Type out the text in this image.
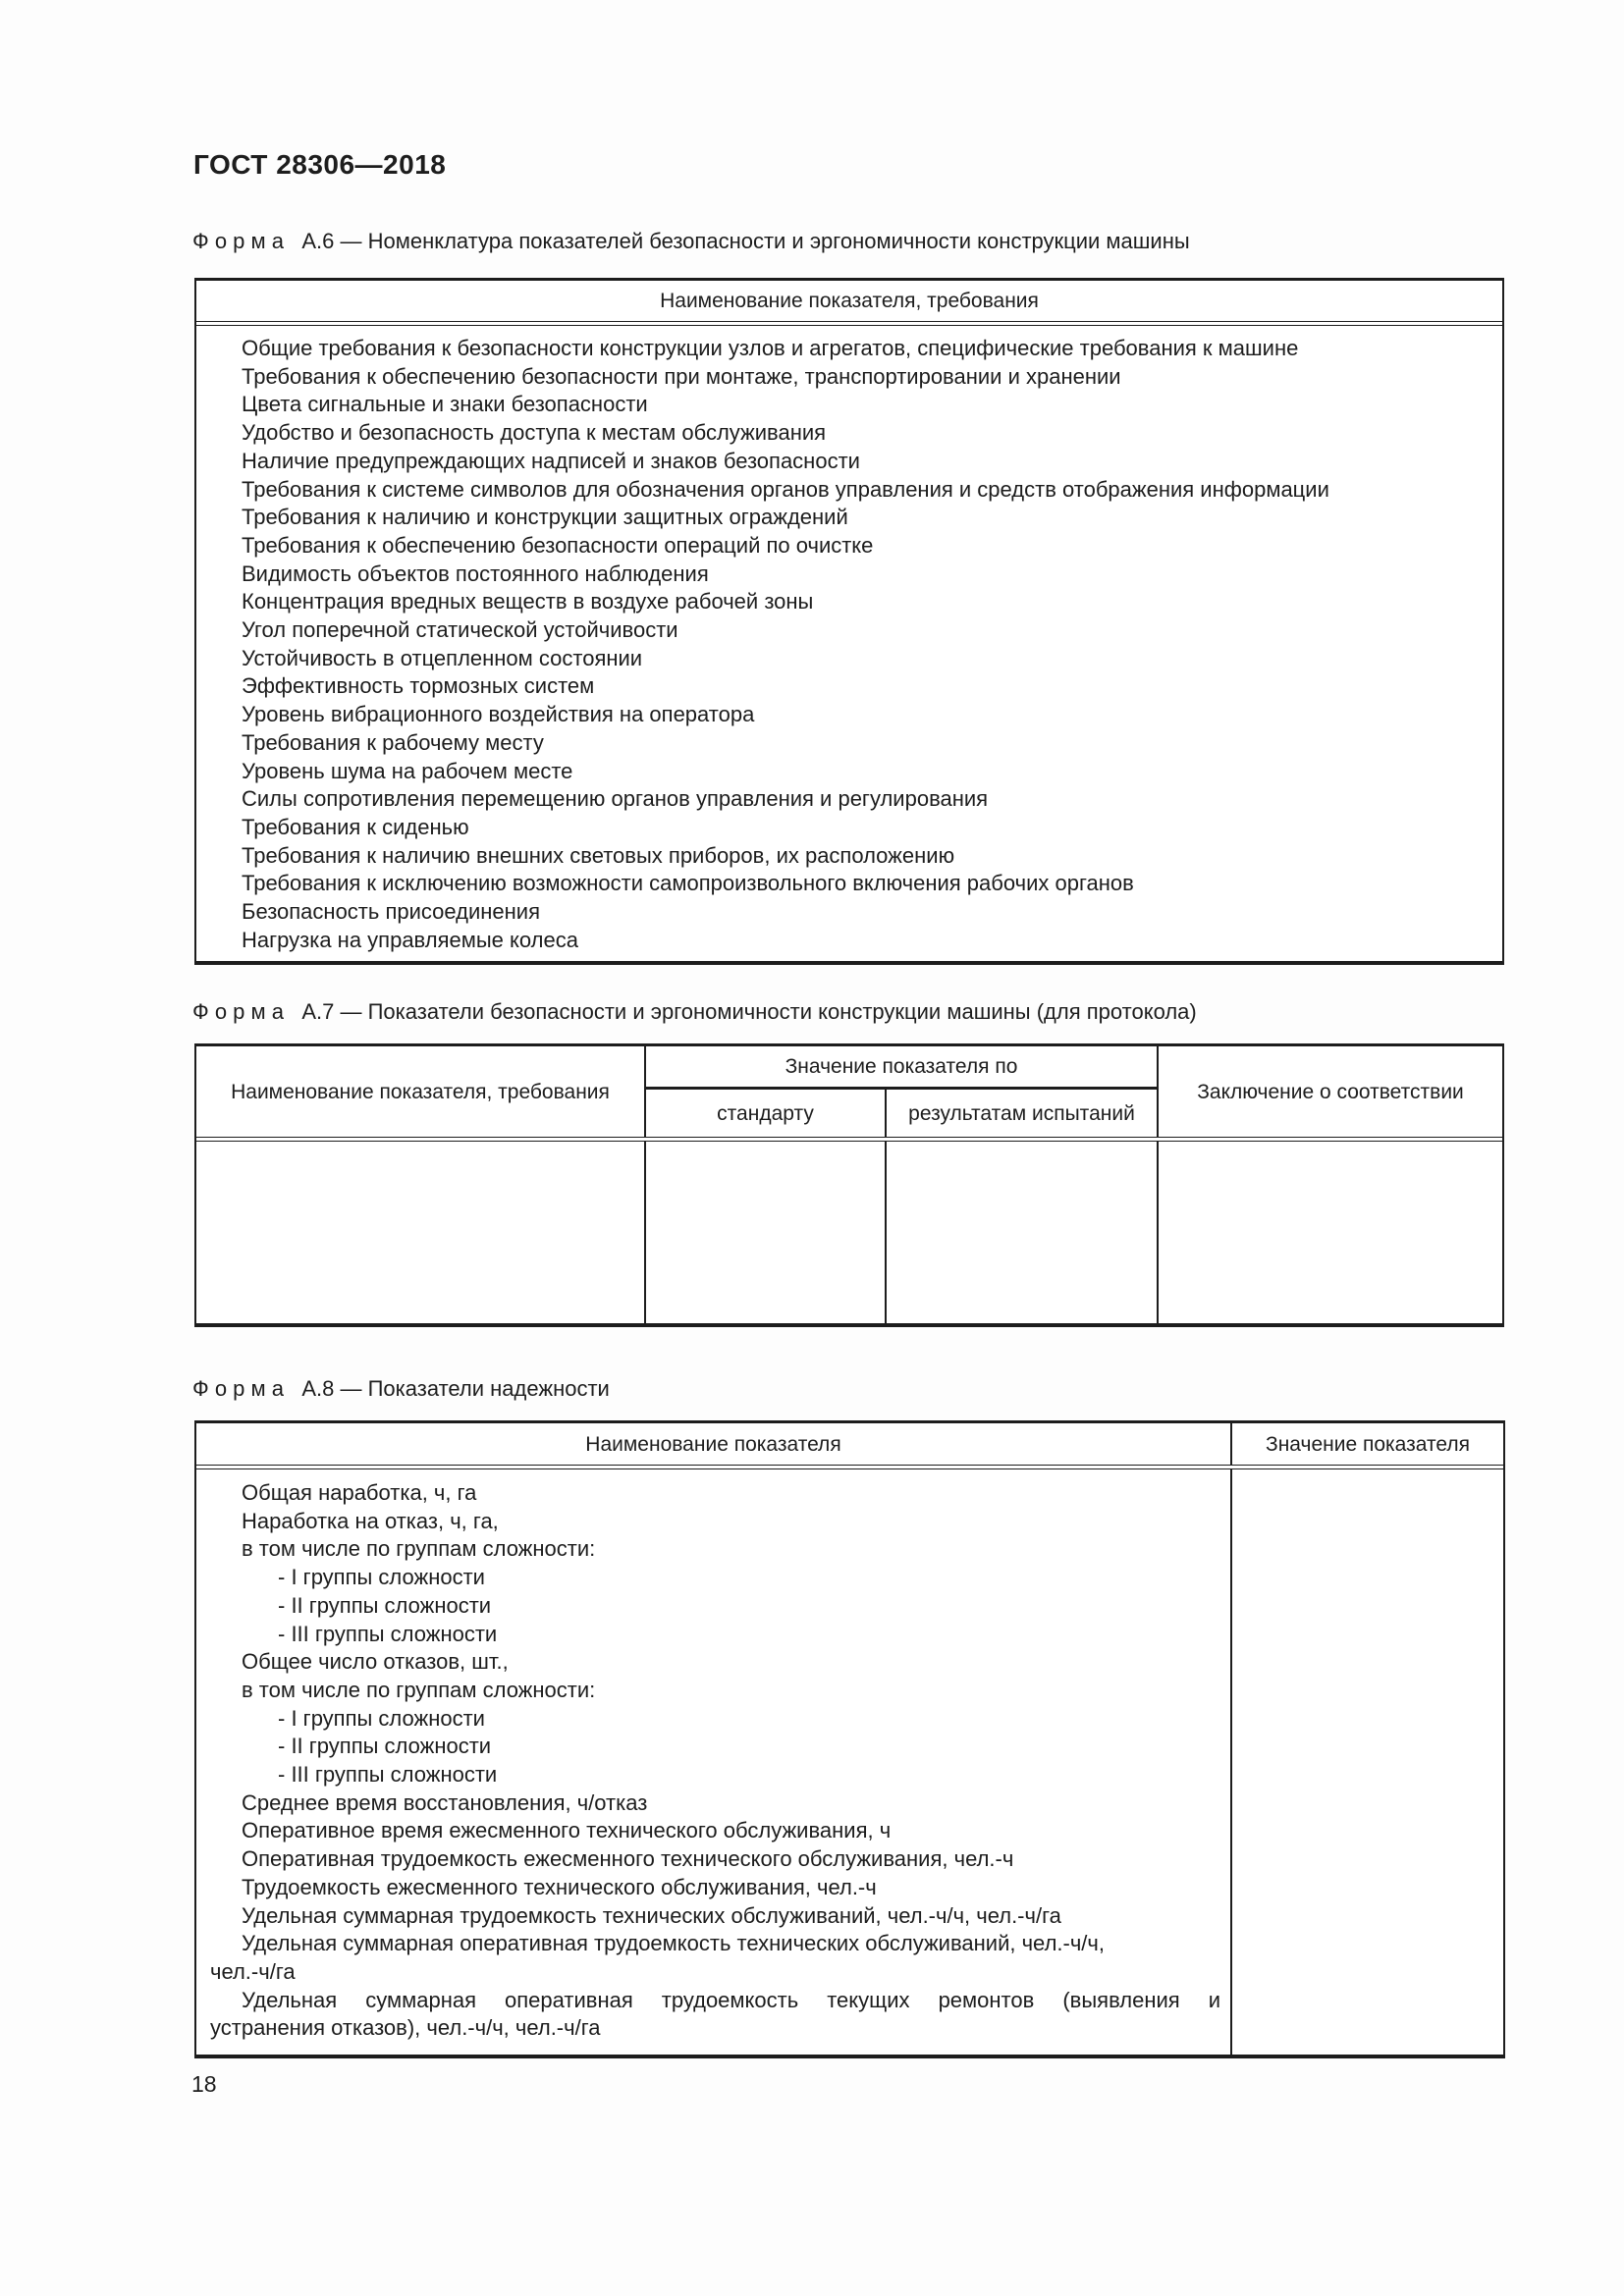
ГОСТ 28306—2018
Ф о р м а   А.6 — Номенклатура показателей безопасности и эргономичности конструкции машины
Наименование показателя, требования
Общие требования к безопасности конструкции узлов и агрегатов, специфические требования к машине
Требования к обеспечению безопасности при монтаже, транспортировании и хранении
Цвета сигнальные и знаки безопасности
Удобство и безопасность доступа к местам обслуживания
Наличие предупреждающих надписей и знаков безопасности
Требования к системе символов для обозначения органов управления и средств отображения информации
Требования к наличию и конструкции защитных ограждений
Требования к обеспечению безопасности операций по очистке
Видимость объектов постоянного наблюдения
Концентрация вредных веществ в воздухе рабочей зоны
Угол поперечной статической устойчивости
Устойчивость в отцепленном состоянии
Эффективность тормозных систем
Уровень вибрационного воздействия на оператора
Требования к рабочему месту
Уровень шума на рабочем месте
Силы сопротивления перемещению органов управления и регулирования
Требования к сиденью
Требования к наличию внешних световых приборов, их расположению
Требования к исключению возможности самопроизвольного включения рабочих органов
Безопасность присоединения
Нагрузка на управляемые колеса
Ф о р м а   А.7 — Показатели безопасности и эргономичности конструкции машины (для протокола)
Наименование показателя, требования
Значение показателя по
стандарту	результатам испытаний
Заключение о соответствии
Ф о р м а   А.8 — Показатели надежности
Наименование показателя	Значение показателя
Общая наработка, ч, га
Наработка на отказ, ч, га,
в том числе по группам сложности:
- I группы сложности
- II группы сложности
- III группы сложности
Общее число отказов, шт.,
в том числе по группам сложности:
- I группы сложности
- II группы сложности
- III группы сложности
Среднее время восстановления, ч/отказ
Оперативное время ежесменного технического обслуживания, ч
Оперативная трудоемкость ежесменного технического обслуживания, чел.-ч
Трудоемкость ежесменного технического обслуживания, чел.-ч
Удельная суммарная трудоемкость технических обслуживаний, чел.-ч/ч, чел.-ч/га
Удельная суммарная оперативная трудоемкость технических обслуживаний, чел.-ч/ч,
чел.-ч/га
Удельная суммарная оперативная трудоемкость текущих ремонтов (выявления и
устранения отказов), чел.-ч/ч, чел.-ч/га
18
